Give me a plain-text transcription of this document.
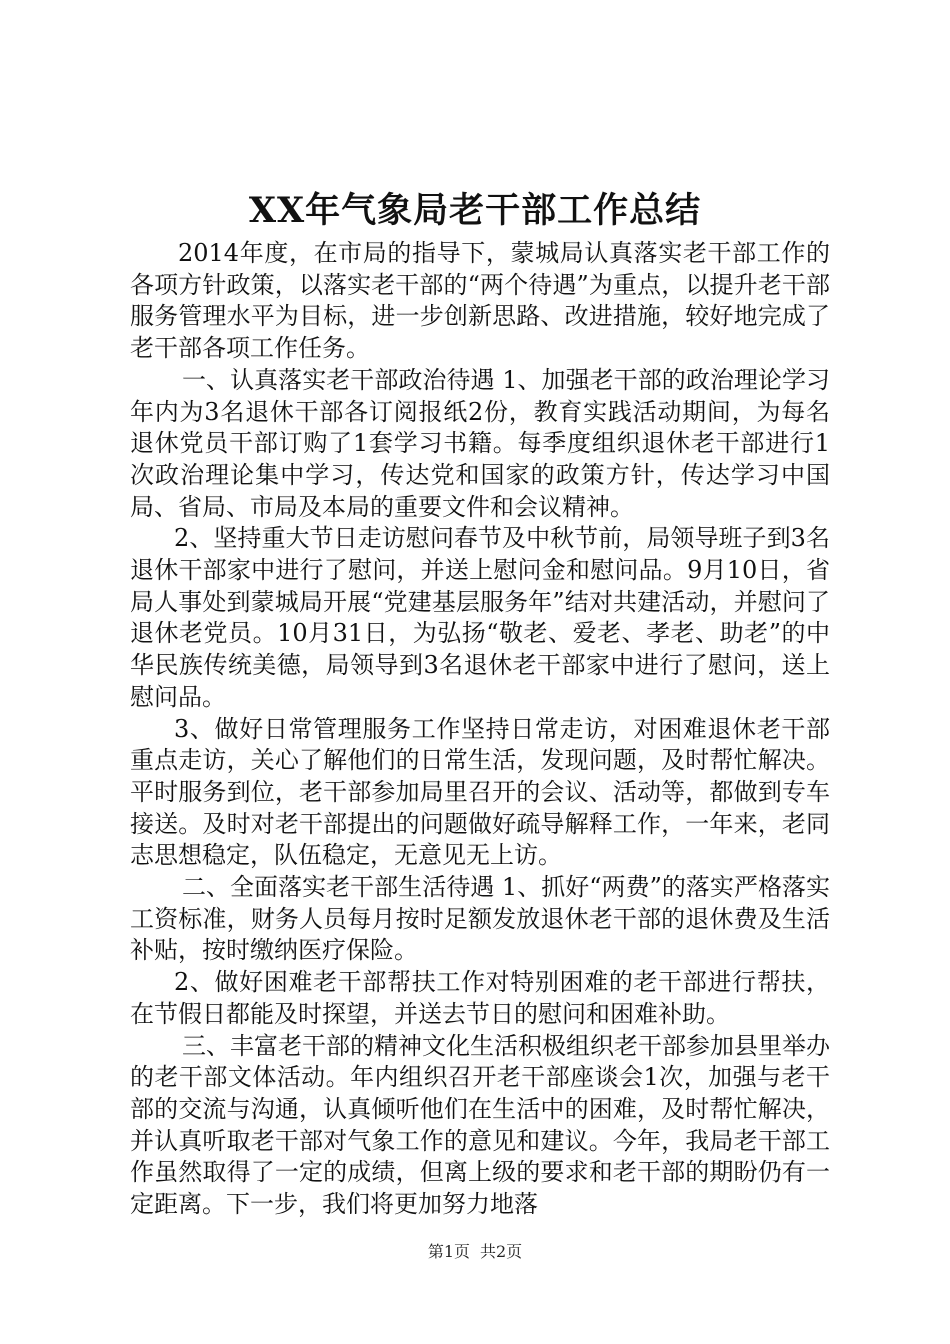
XX年气象局老干部工作总结

2014年度，在市局的指导下，蒙城局认真落实老干部工作的各项方针政策，以落实老干部的“两个待遇”为重点，以提升老干部服务管理水平为目标，进一步创新思路、改进措施，较好地完成了老干部各项工作任务。

一、认真落实老干部政治待遇 1、加强老干部的政治理论学习年内为3名退休干部各订阅报纸2份，教育实践活动期间，为每名退休党员干部订购了1套学习书籍。每季度组织退休老干部进行1次政治理论集中学习，传达党和国家的政策方针，传达学习中国局、省局、市局及本局的重要文件和会议精神。

2、坚持重大节日走访慰问春节及中秋节前，局领导班子到3名退休干部家中进行了慰问，并送上慰问金和慰问品。9月10日，省局人事处到蒙城局开展“党建基层服务年”结对共建活动，并慰问了退休老党员。10月31日，为弘扬“敬老、爱老、孝老、助老”的中华民族传统美德，局领导到3名退休老干部家中进行了慰问，送上慰问品。

3、做好日常管理服务工作坚持日常走访，对困难退休老干部重点走访，关心了解他们的日常生活，发现问题，及时帮忙解决。平时服务到位，老干部参加局里召开的会议、活动等，都做到专车接送。及时对老干部提出的问题做好疏导解释工作，一年来，老同志思想稳定，队伍稳定，无意见无上访。

二、全面落实老干部生活待遇 1、抓好“两费”的落实严格落实工资标准，财务人员每月按时足额发放退休老干部的退休费及生活补贴，按时缴纳医疗保险。

2、做好困难老干部帮扶工作对特别困难的老干部进行帮扶，在节假日都能及时探望，并送去节日的慰问和困难补助。

三、丰富老干部的精神文化生活积极组织老干部参加县里举办的老干部文体活动。年内组织召开老干部座谈会1次，加强与老干部的交流与沟通，认真倾听他们在生活中的困难，及时帮忙解决，并认真听取老干部对气象工作的意见和建议。今年，我局老干部工作虽然取得了一定的成绩，但离上级的要求和老干部的期盼仍有一定距离。下一步，我们将更加努力地落

第1页 共2页
